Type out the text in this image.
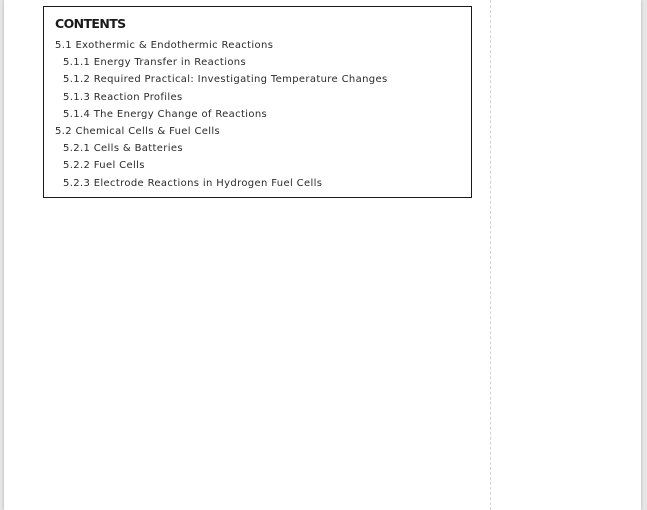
CONTENTS
5.1 Exothermic & Endothermic Reactions
5.1.1 Energy Transfer in Reactions
5.1.2 Required Practical: Investigating Temperature Changes
5.1.3 Reaction Profiles
5.1.4 The Energy Change of Reactions
5.2 Chemical Cells & Fuel Cells
5.2.1 Cells & Batteries
5.2.2 Fuel Cells
5.2.3 Electrode Reactions in Hydrogen Fuel Cells
